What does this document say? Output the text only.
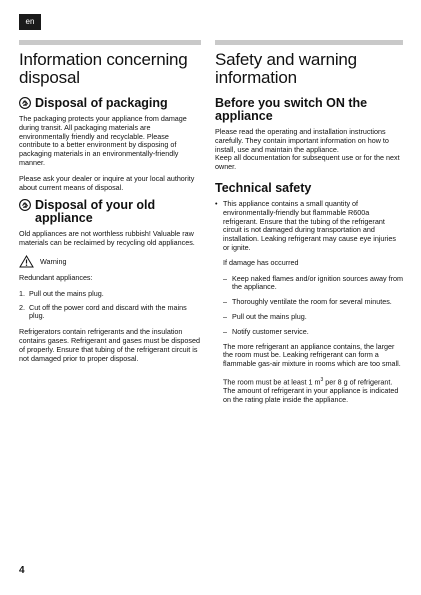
en
Information concerning disposal
Disposal of packaging

The packaging protects your appliance from damage during transit. All packaging materials are environmentally friendly and recyclable. Please contribute to a better environment by disposing of packaging materials in an environmentally-friendly manner.

Please ask your dealer or inquire at your local authority about current means of disposal.

Disposal of your old appliance

Old appliances are not worthless rubbish! Valuable raw materials can be reclaimed by recycling old appliances.

Warning

Redundant appliances:

1. Pull out the mains plug.
2. Cut off the power cord and discard with the mains plug.

Refrigerators contain refrigerants and the insulation contains gases. Refrigerant and gases must be disposed of properly. Ensure that tubing of the refrigerant circuit is not damaged prior to proper disposal.

Safety and warning information
Before you switch ON the appliance

Please read the operating and installation instructions carefully. They contain important information on how to install, use and maintain the appliance.

Keep all documentation for subsequent use or for the next owner.

Technical safety
• This appliance contains a small quantity of environmentally-friendly but flammable R600a refrigerant. Ensure that the tubing of the refrigerant circuit is not damaged during transportation and installation. Leaking refrigerant may cause eye injuries or ignite.

If damage has occurred

– Keep naked flames and/or ignition sources away from the appliance.
– Thoroughly ventilate the room for several minutes.
– Pull out the mains plug.
– Notify customer service.

The more refrigerant an appliance contains, the larger the room must be. Leaking refrigerant can form a flammable gas-air mixture in rooms which are too small.

The room must be at least 1 $m^3$ per 8 g of refrigerant. The amount of refrigerant in your appliance is indicated on the rating plate inside the appliance.

4
